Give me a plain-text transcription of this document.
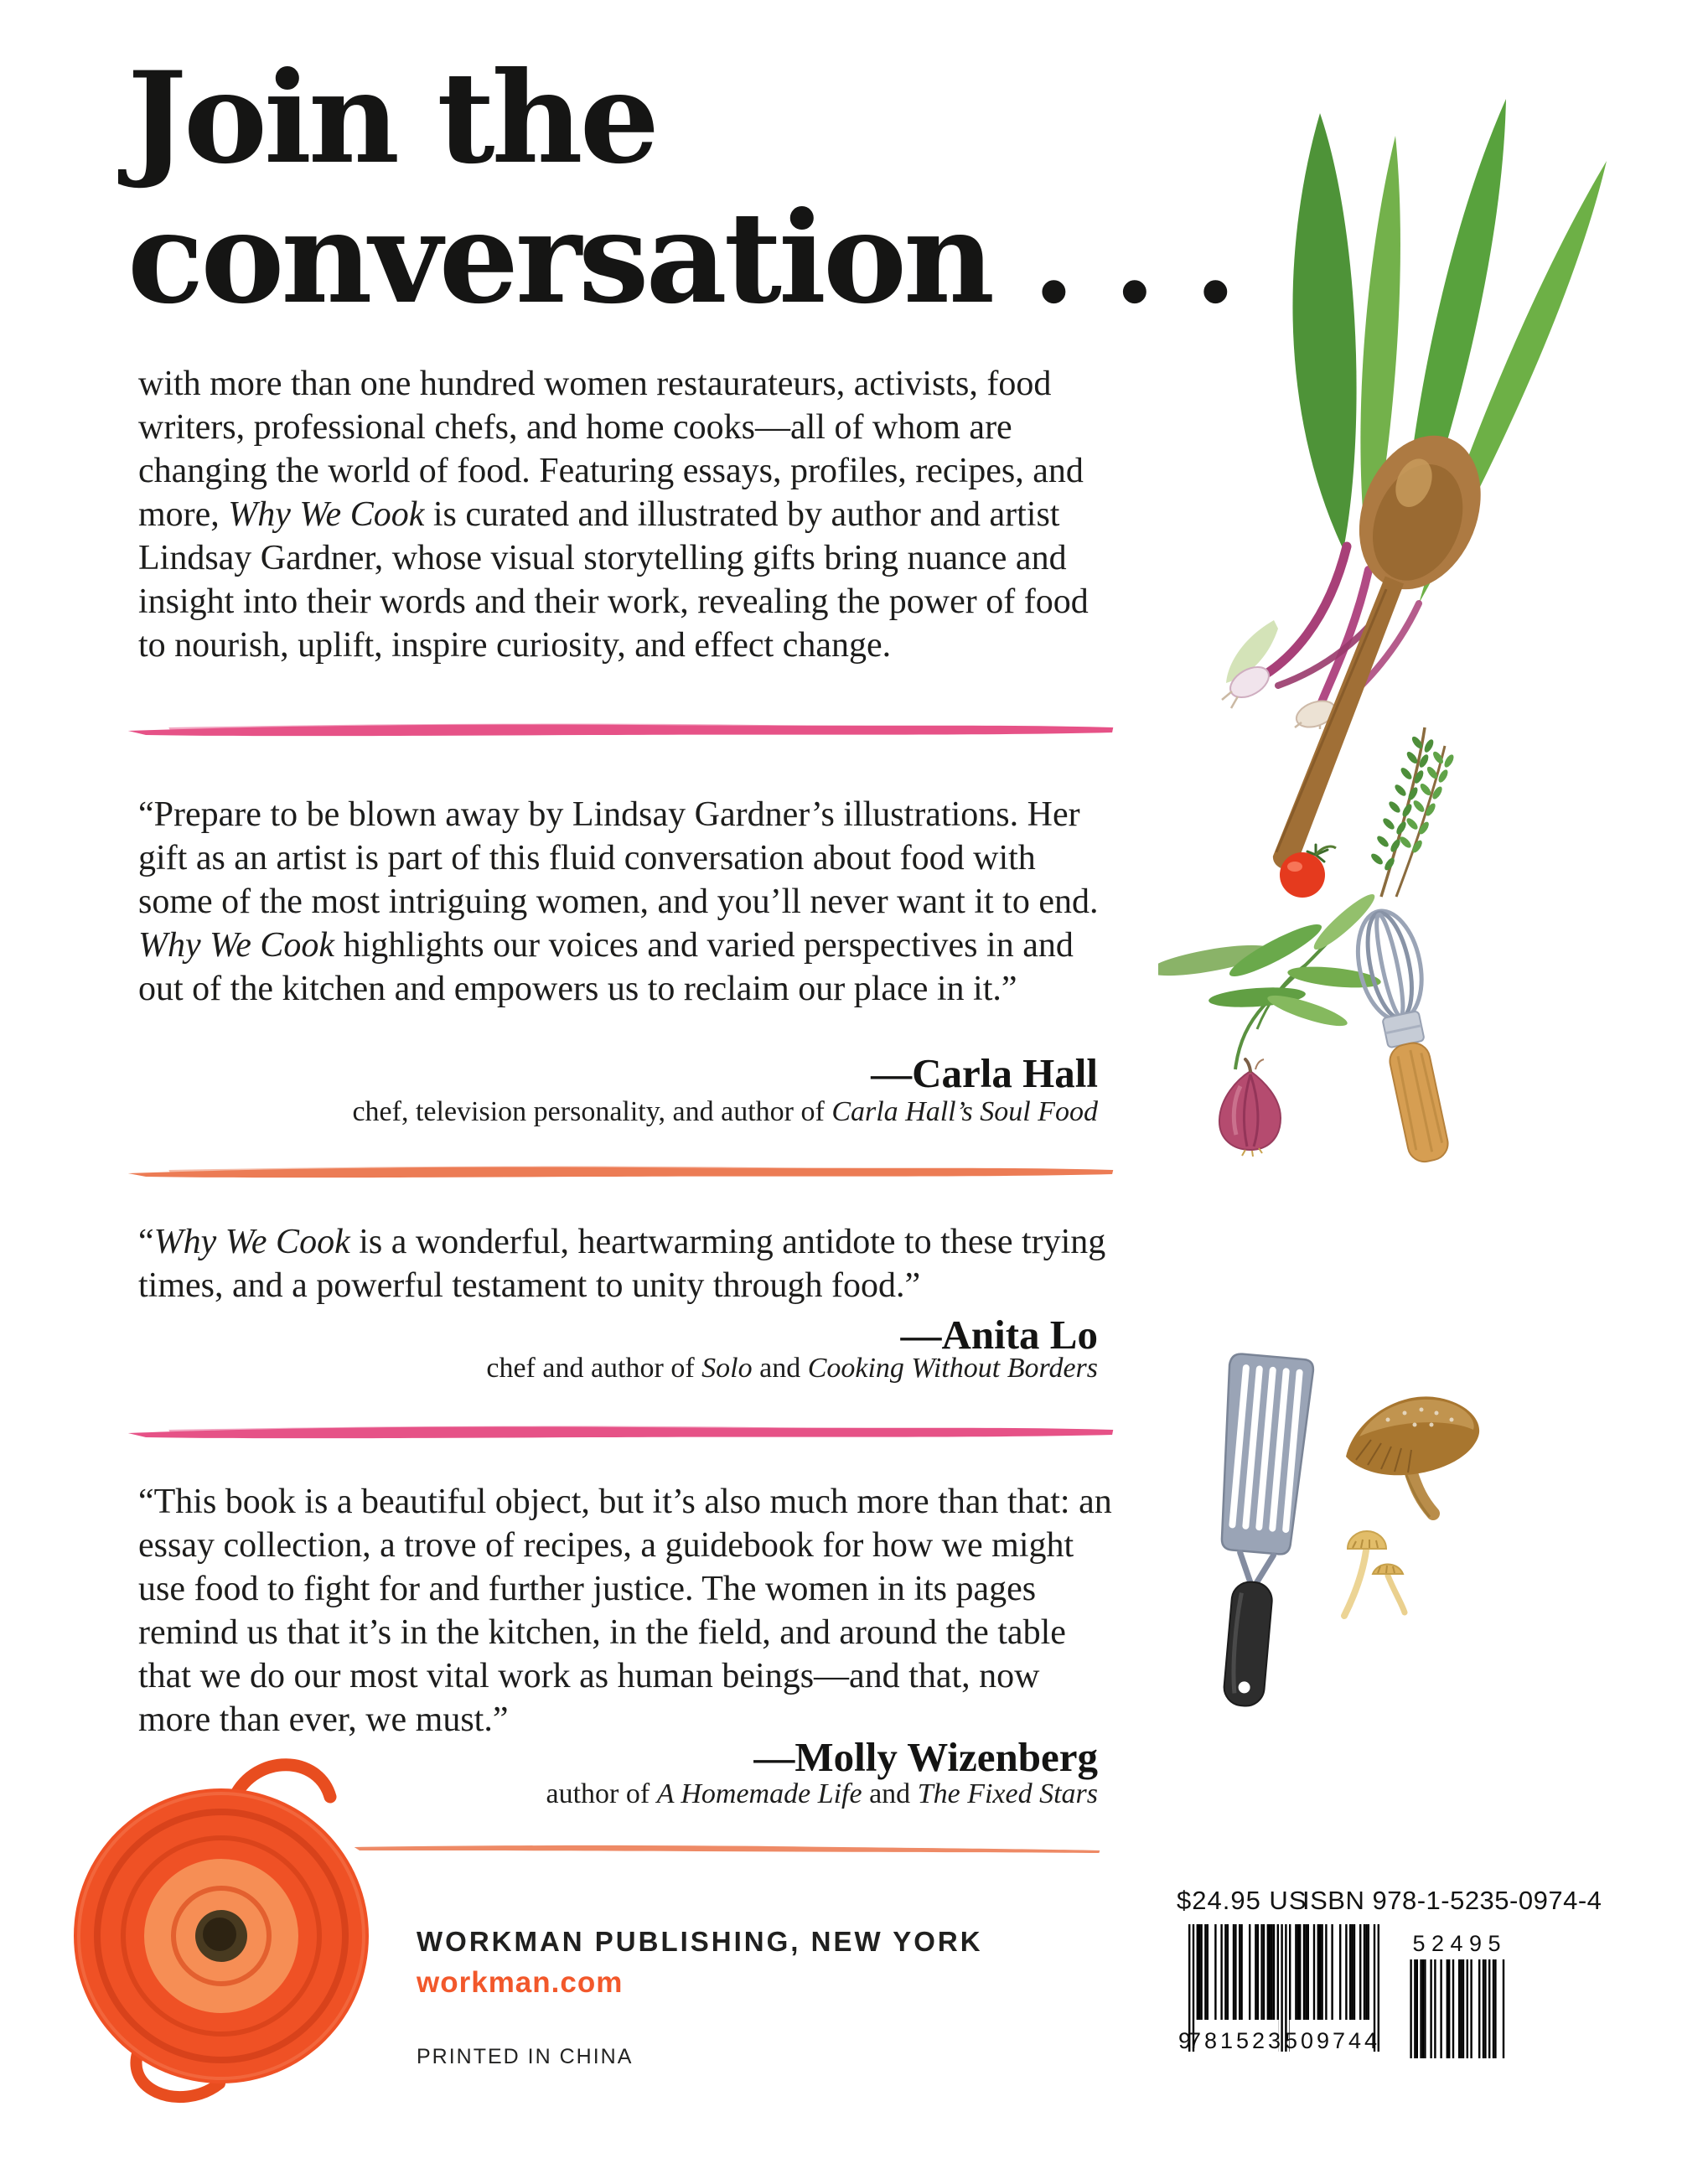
Join the
conversation . . .
with more than one hundred women restaurateurs, activists, food writers, professional chefs, and home cooks—all of whom are changing the world of food. Featuring essays, profiles, recipes, and more, Why We Cook is curated and illustrated by author and artist Lindsay Gardner, whose visual storytelling gifts bring nuance and insight into their words and their work, revealing the power of food to nourish, uplift, inspire curiosity, and effect change.
“Prepare to be blown away by Lindsay Gardner’s illustrations. Her gift as an artist is part of this fluid conversation about food with some of the most intriguing women, and you’ll never want it to end. Why We Cook highlights our voices and varied perspectives in and out of the kitchen and empowers us to reclaim our place in it.”
—Carla Hall
chef, television personality, and author of Carla Hall’s Soul Food
“Why We Cook is a wonderful, heartwarming antidote to these trying times, and a powerful testament to unity through food.”
—Anita Lo
chef and author of Solo and Cooking Without Borders
“This book is a beautiful object, but it’s also much more than that: an essay collection, a trove of recipes, a guidebook for how we might use food to fight for and further justice. The women in its pages remind us that it’s in the kitchen, in the field, and around the table that we do our most vital work as human beings—and that, now more than ever, we must.”
—Molly Wizenberg
author of A Homemade Life and The Fixed Stars
WORKMAN PUBLISHING, NEW YORK
workman.com
PRINTED IN CHINA
$24.95 US
ISBN 978-1-5235-0974-4
9
781523 509744
5 2 4 9 5
